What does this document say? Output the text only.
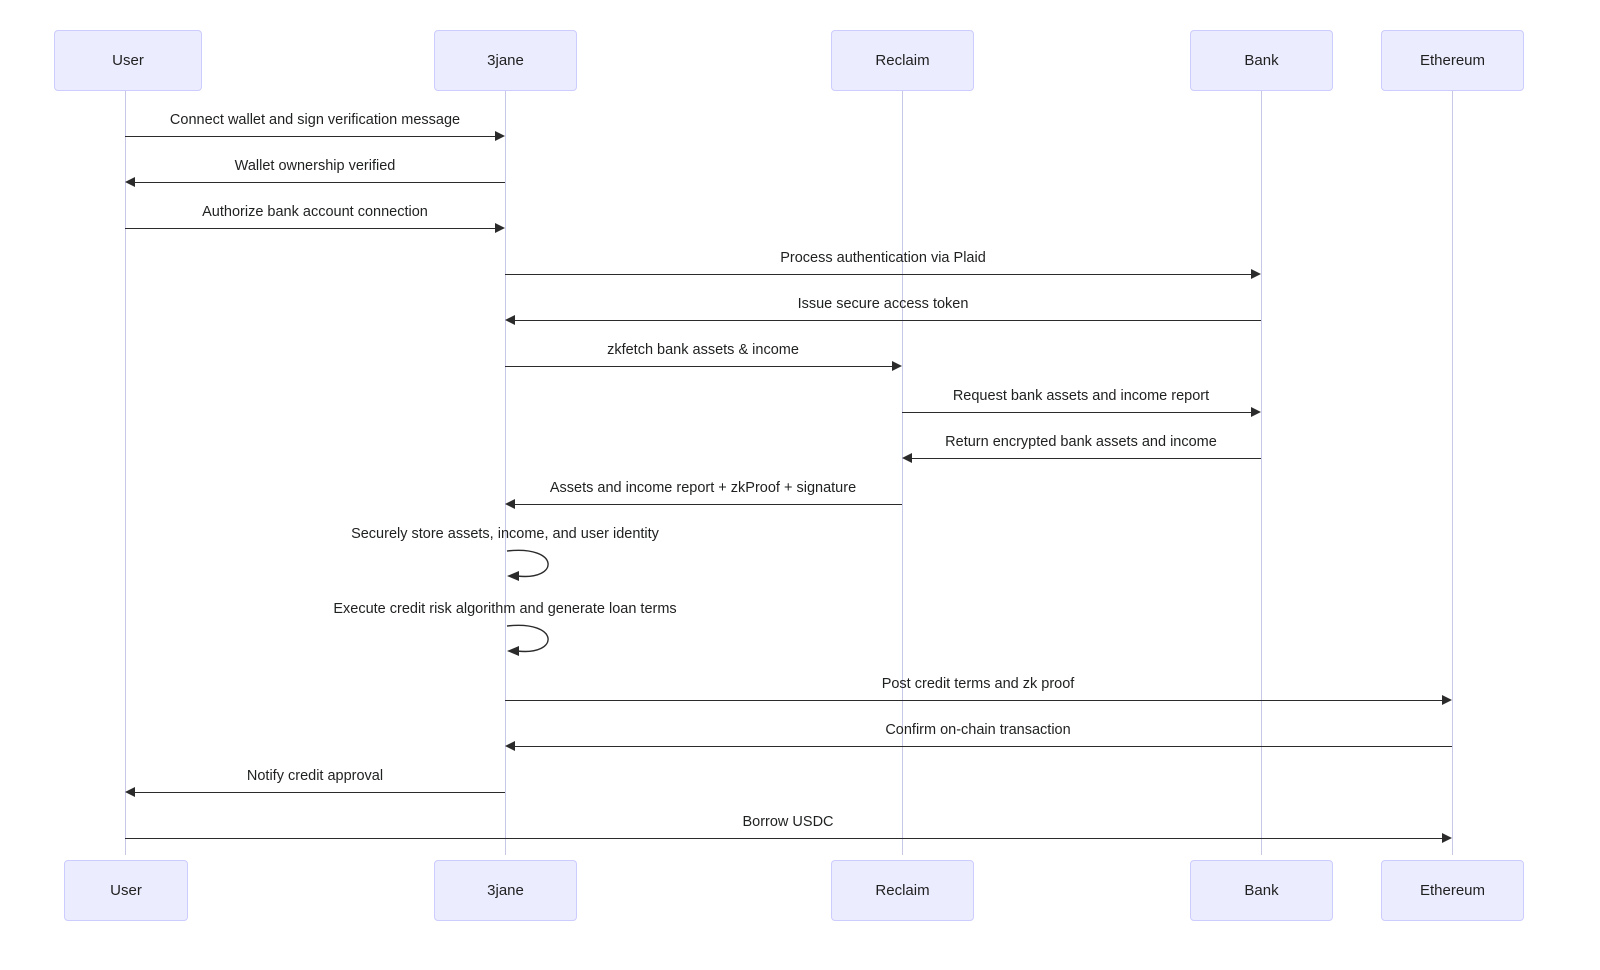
User	3jane	Reclaim	Bank	Ethereum
User	3jane	Reclaim	Bank	Ethereum
Connect wallet and sign verification message
Wallet ownership verified
Authorize bank account connection
Process authentication via Plaid
Issue secure access token
zkfetch bank assets & income
Request bank assets and income report
Return encrypted bank assets and income
Assets and income report + zkProof + signature
Securely store assets, income, and user identity
Execute credit risk algorithm and generate loan terms
Post credit terms and zk proof
Confirm on-chain transaction
Notify credit approval
Borrow USDC
